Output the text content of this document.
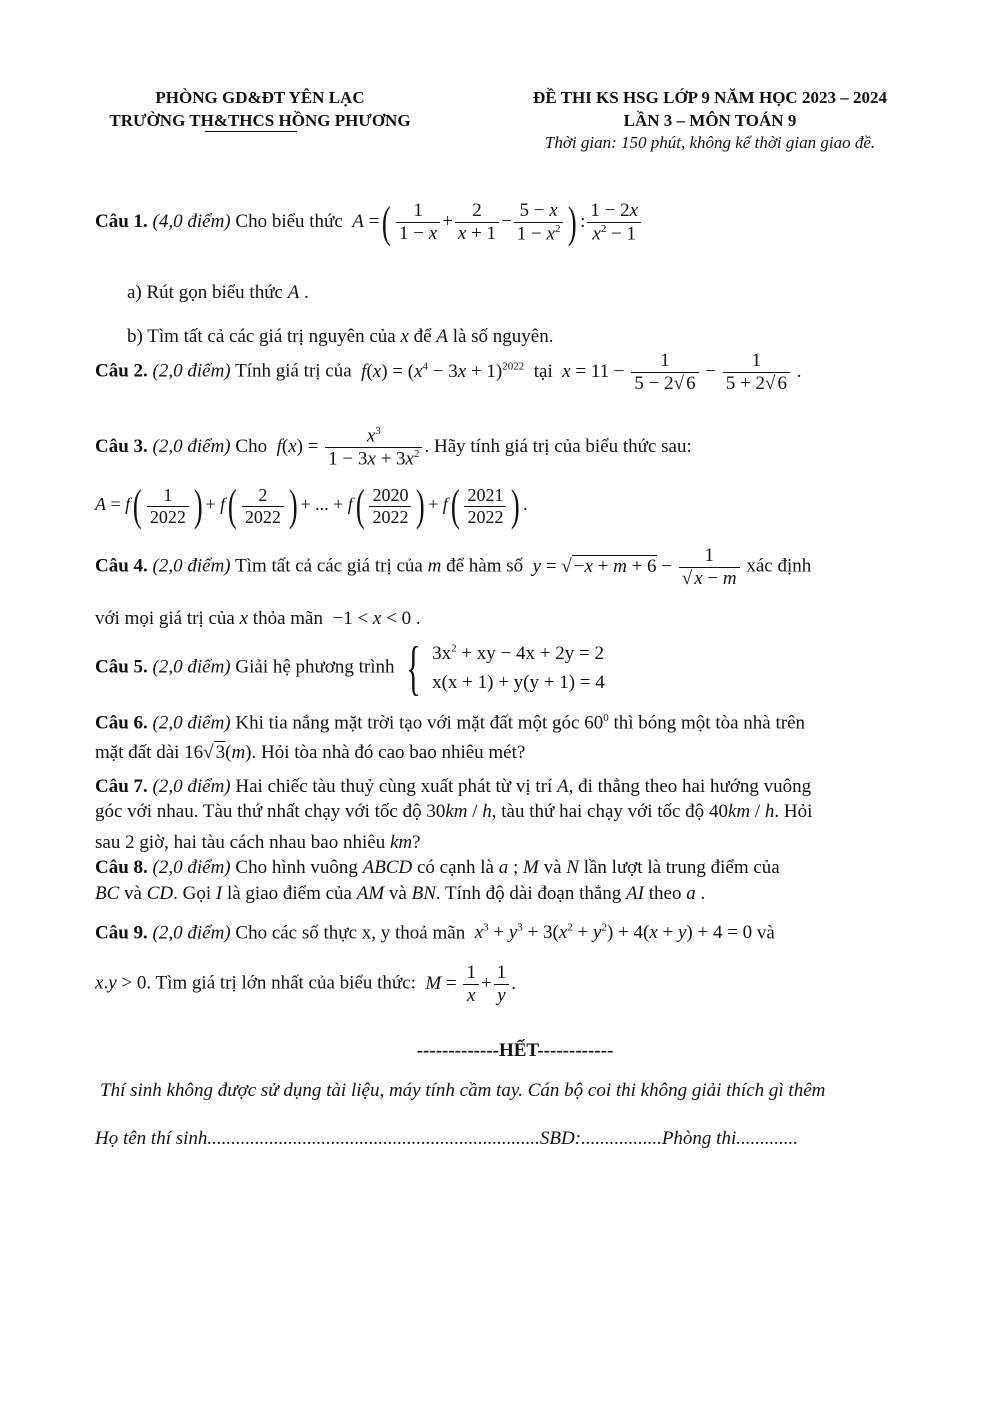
PHÒNG GD&ĐT YÊN LẠC
TRƯỜNG TH&THCS HỒNG PHƯƠNG
ĐỀ THI KS HSG LỚP 9 NĂM HỌC 2023 – 2024
LẦN 3 – MÔN TOÁN 9
Thời gian: 150 phút, không kể thời gian giao đề.
Câu 1. (4,0 điểm) Cho biểu thức A =( $\frac{1}{1 - x} + \frac{2}{x + 1} - \frac{5 - x}{1 - x^2}$ ) : $\frac{1 - 2x}{x^2 - 1}$
a) Rút gọn biểu thức A .
b) Tìm tất cả các giá trị nguyên của x để A là số nguyên.
Câu 2. (2,0 điểm) Tính giá trị của $f(x) = (x^4 - 3x + 1)^{2022}$ tại $x = 11 - \frac{1}{5 - 2√ 6} - \frac{1}{5 + 2√ 6}$ .
Câu 3. (2,0 điểm) Cho $f(x) = \frac{x^3}{1 - 3x + 3x^2}$ . Hãy tính giá trị của biểu thức sau:
$A = f( \frac{1}{2022}$ ) + $f( \frac{2}{2022}$ ) + ... + $f( \frac{2020}{2022}$ ) + $f( \frac{2021}{2022}$ ) .
Câu 4. (2,0 điểm) Tìm tất cả các giá trị của m để hàm số y = √ $-x + m + 6 - \frac{1}{√ x - m}$ xác định
với mọi giá trị của x thỏa mãn  −1 < x < 0 .
Câu 5. (2,0 điểm) Giải hệ phương trình { $3x^2$ + xy − 4x + 2y = 2
x(x + 1) + y(y + 1) = 4
Câu 6. (2,0 điểm) Khi tia nắng mặt trời tạo với mặt đất một góc $60^0$ thì bóng một tòa nhà trên
mặt đất dài 16√ 3(m). Hỏi tòa nhà đó cao bao nhiêu mét?
Câu 7. (2,0 điểm) Hai chiếc tàu thuỷ cùng xuất phát từ vị trí A, đi thẳng theo hai hướng vuông
góc với nhau. Tàu thứ nhất chạy với tốc độ 30km / h, tàu thứ hai chạy với tốc độ 40km / h. Hỏi
sau 2 giờ, hai tàu cách nhau bao nhiêu km?
Câu 8. (2,0 điểm) Cho hình vuông ABCD có cạnh là a ; M và N lần lượt là trung điểm của
BC và CD. Gọi I là giao điểm của AM và BN. Tính độ dài đoạn thẳng AI theo a .
Câu 9. (2,0 điểm) Cho các số thực x, y thoả mãn $x^3 + y^3 + 3(x^2 + y^2) + 4(x + y) + 4 = 0$ và
x.y > 0. Tìm giá trị lớn nhất của biểu thức: $M = \frac{1}{x} + \frac{1}{y}$ .
-------------HẾT------------
Thí sinh không được sử dụng tài liệu, máy tính cầm tay. Cán bộ coi thi không giải thích gì thêm
Họ tên thí sinh......................................................................SBD:.................Phòng thi.............
